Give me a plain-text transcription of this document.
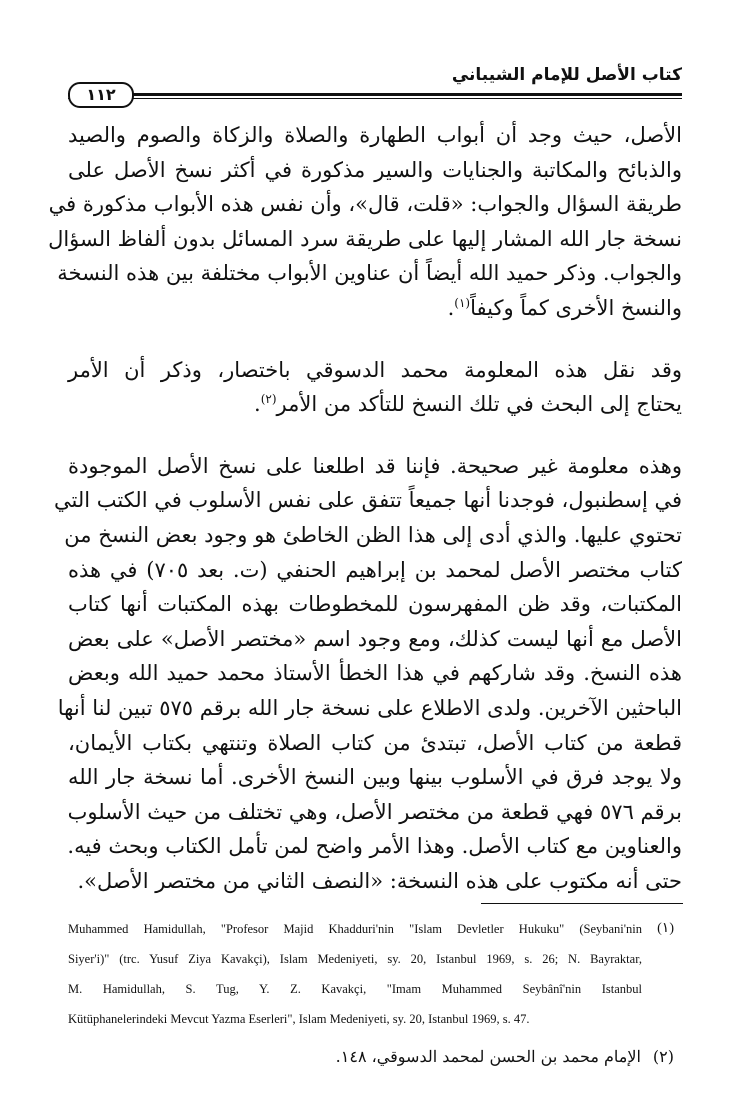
كتاب الأصل للإمام الشيباني
١١٢
الأصل، حيث وجد أن أبواب الطهارة والصلاة والزكاة والصوم والصيد
والذبائح والمكاتبة والجنايات والسير مذكورة في أكثر نسخ الأصل على
طريقة السؤال والجواب: «قلت، قال»، وأن نفس هذه الأبواب مذكورة في
نسخة جار الله المشار إليها على طريقة سرد المسائل بدون ألفاظ السؤال
والجواب. وذكر حميد الله أيضاً أن عناوين الأبواب مختلفة بين هذه النسخة
والنسخ الأخرى كماً وكيفاً$^{(١)}$.
وقد نقل هذه المعلومة محمد الدسوقي باختصار، وذكر أن الأمر
يحتاج إلى البحث في تلك النسخ للتأكد من الأمر$^{(٢)}$.
وهذه معلومة غير صحيحة. فإننا قد اطلعنا على نسخ الأصل الموجودة
في إسطنبول، فوجدنا أنها جميعاً تتفق على نفس الأسلوب في الكتب التي
تحتوي عليها. والذي أدى إلى هذا الظن الخاطئ هو وجود بعض النسخ من
كتاب مختصر الأصل لمحمد بن إبراهيم الحنفي (ت. بعد ٧٠٥) في هذه
المكتبات، وقد ظن المفهرسون للمخطوطات بهذه المكتبات أنها كتاب
الأصل مع أنها ليست كذلك، ومع وجود اسم «مختصر الأصل» على بعض
هذه النسخ. وقد شاركهم في هذا الخطأ الأستاذ محمد حميد الله وبعض
الباحثين الآخرين. ولدى الاطلاع على نسخة جار الله برقم ٥٧٥ تبين لنا أنها
قطعة من كتاب الأصل، تبتدئ من كتاب الصلاة وتنتهي بكتاب الأيمان،
ولا يوجد فرق في الأسلوب بينها وبين النسخ الأخرى. أما نسخة جار الله
برقم ٥٧٦ فهي قطعة من مختصر الأصل، وهي تختلف من حيث الأسلوب
والعناوين مع كتاب الأصل. وهذا الأمر واضح لمن تأمل الكتاب وبحث فيه.
حتى أنه مكتوب على هذه النسخة: «النصف الثاني من مختصر الأصل».
(١)
Muhammed Hamidullah, "Profesor Majid Khadduri'nin "Islam Devletler Hukuku" (Seybani'nin
Siyer'i)" (trc. Yusuf Ziya Kavakçi), Islam Medeniyeti, sy. 20, Istanbul 1969, s. 26; N. Bayraktar,
M. Hamidullah, S. Tug, Y. Z. Kavakçi, "Imam Muhammed Seybânî'nin Istanbul
Kütüphanelerindeki Mevcut Yazma Eserleri", Islam Medeniyeti, sy. 20, Istanbul 1969, s. 47.
(٢)الإمام محمد بن الحسن لمحمد الدسوقي، ١٤٨.
